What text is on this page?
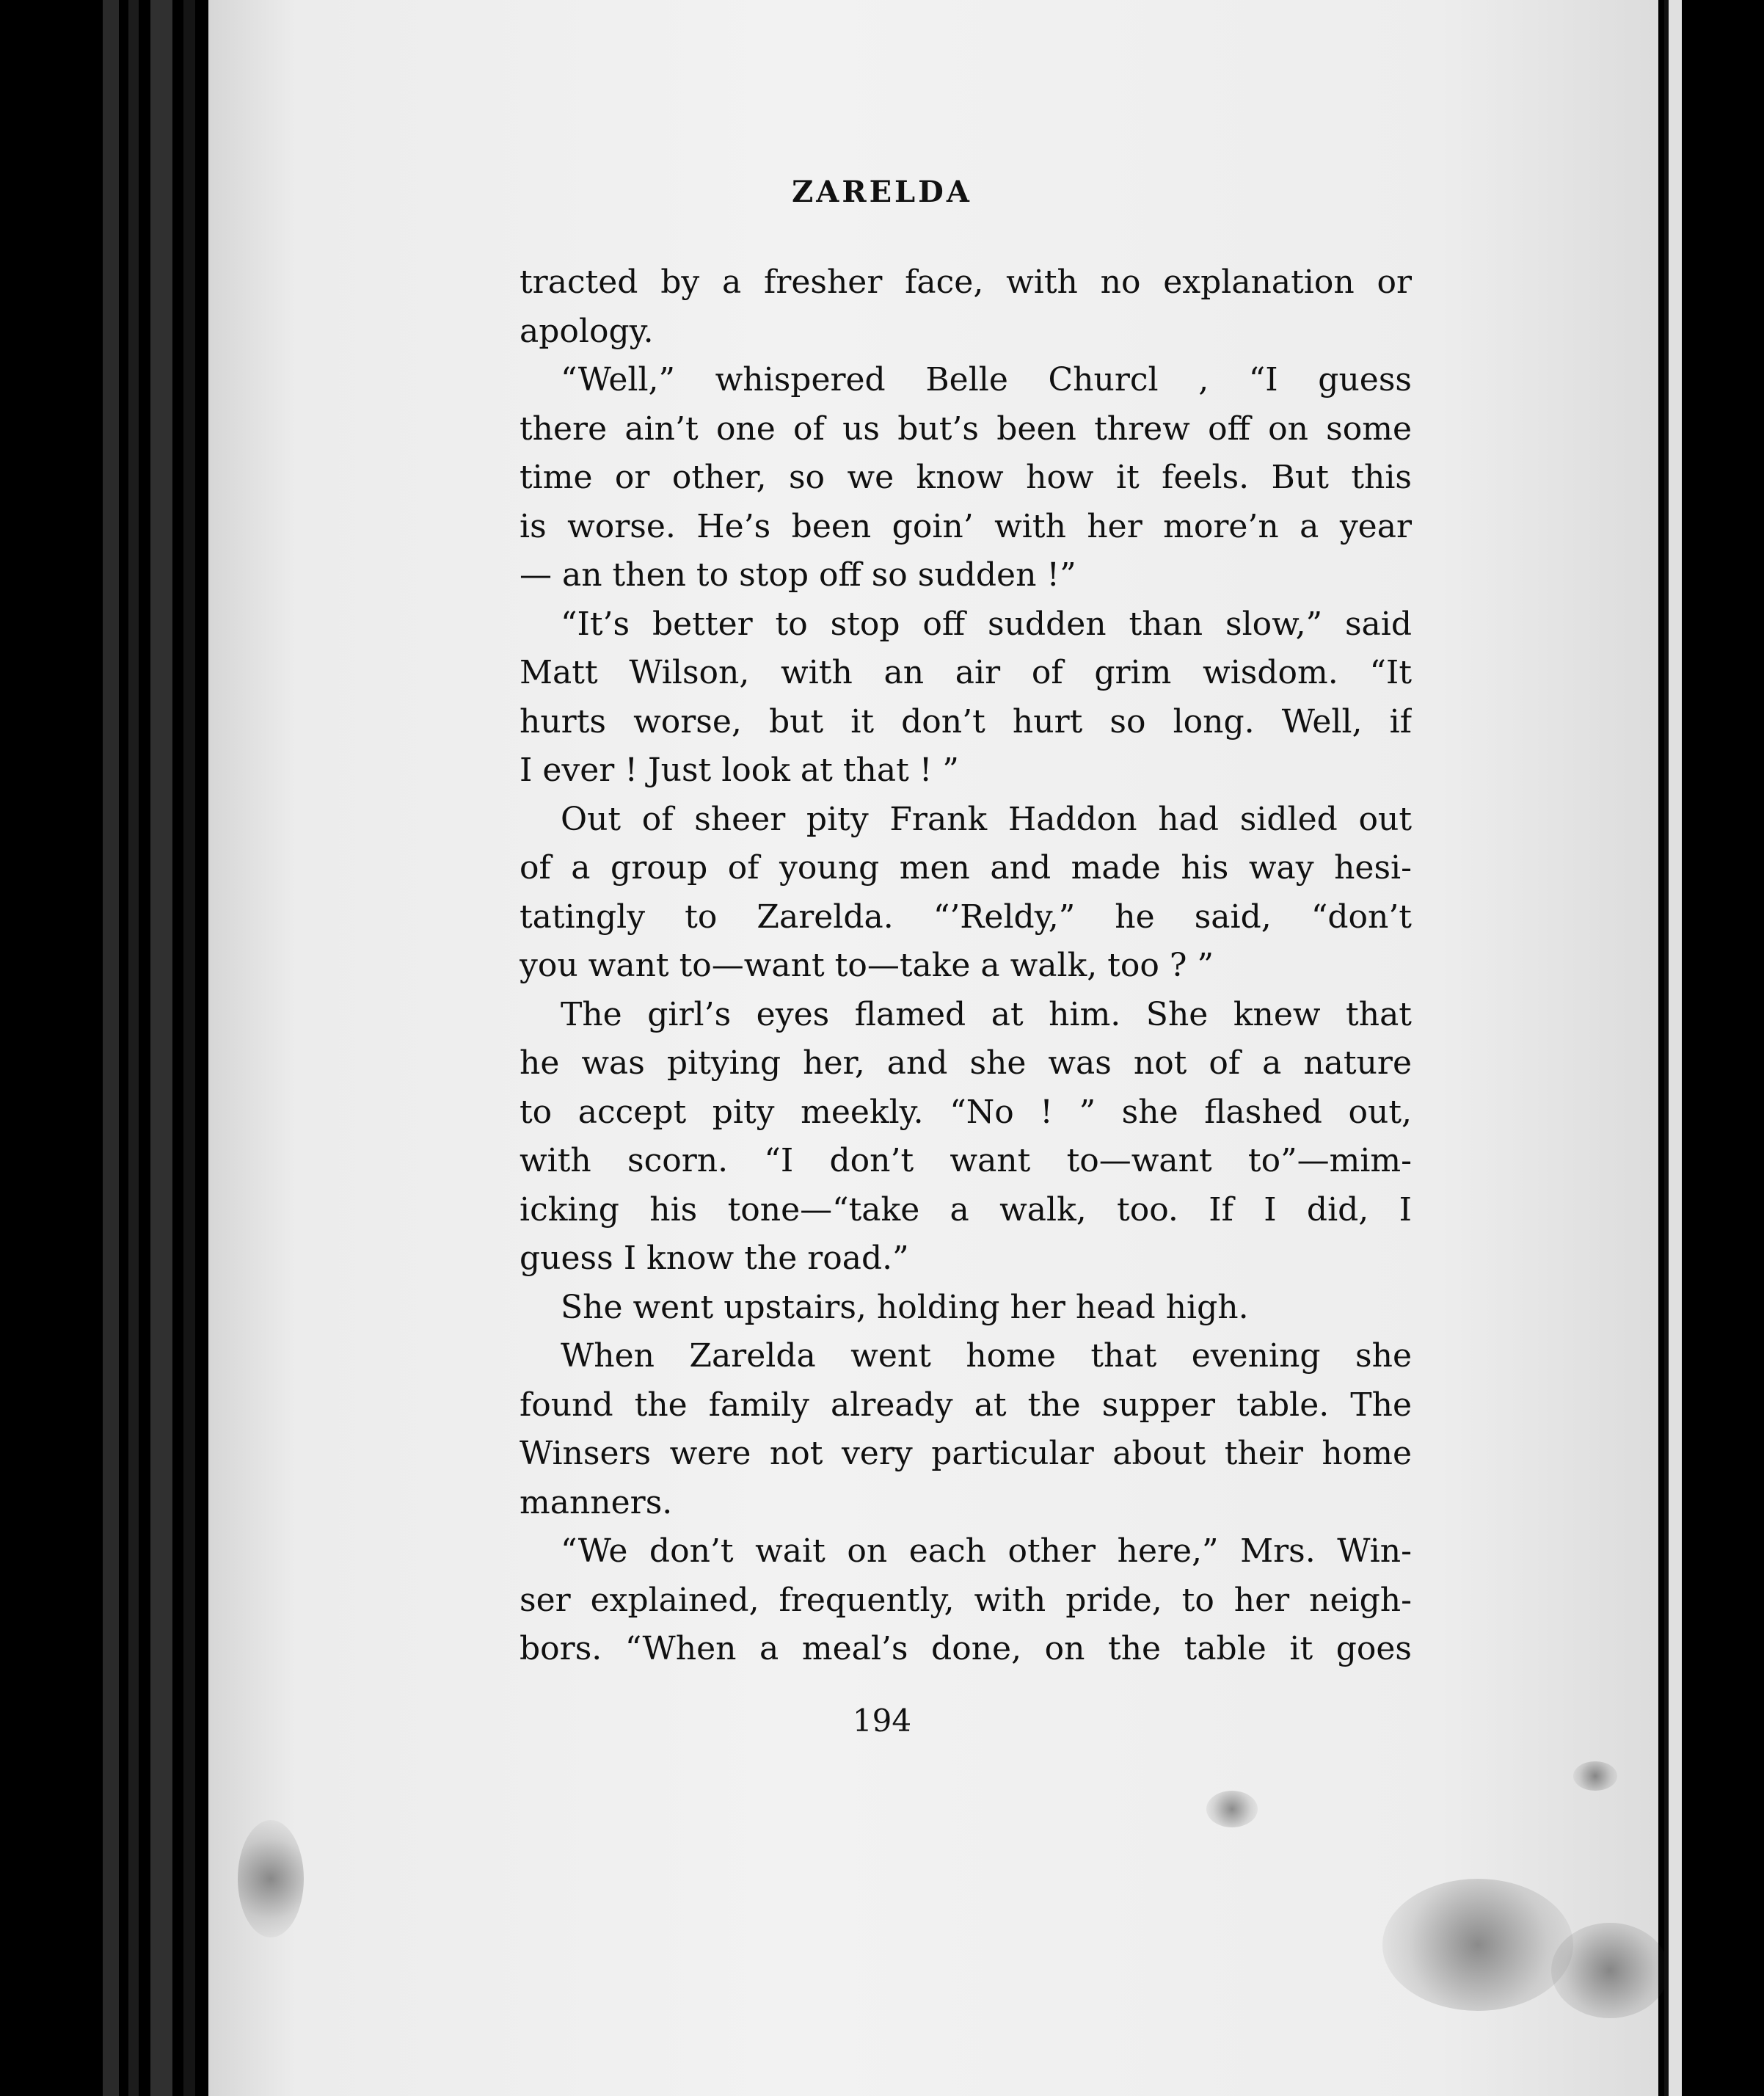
ZARELDA
tracted by a fresher face, with no explanation or
apology.
“Well,” whispered Belle Churcl , “I guess
there ain’t one of us but’s been threw off on some
time or other, so we know how it feels. But this
is worse. He’s been goin’ with her more’n a year
— an then to stop off so sudden !”
“It’s better to stop off sudden than slow,” said
Matt Wilson, with an air of grim wisdom. “It
hurts worse, but it don’t hurt so long. Well, if
I ever ! Just look at that ! ”
Out of sheer pity Frank Haddon had sidled out
of a group of young men and made his way hesi-
tatingly to Zarelda. “’Reldy,” he said, “don’t
you want to—want to—take a walk, too ? ”
The girl’s eyes flamed at him. She knew that
he was pitying her, and she was not of a nature
to accept pity meekly. “No ! ” she flashed out,
with scorn. “I don’t want to—want to”—mim-
icking his tone—“take a walk, too. If I did, I
guess I know the road.”
She went upstairs, holding her head high.
When Zarelda went home that evening she
found the family already at the supper table. The
Winsers were not very particular about their home
manners.
“We don’t wait on each other here,” Mrs. Win-
ser explained, frequently, with pride, to her neigh-
bors. “When a meal’s done, on the table it goes
194
